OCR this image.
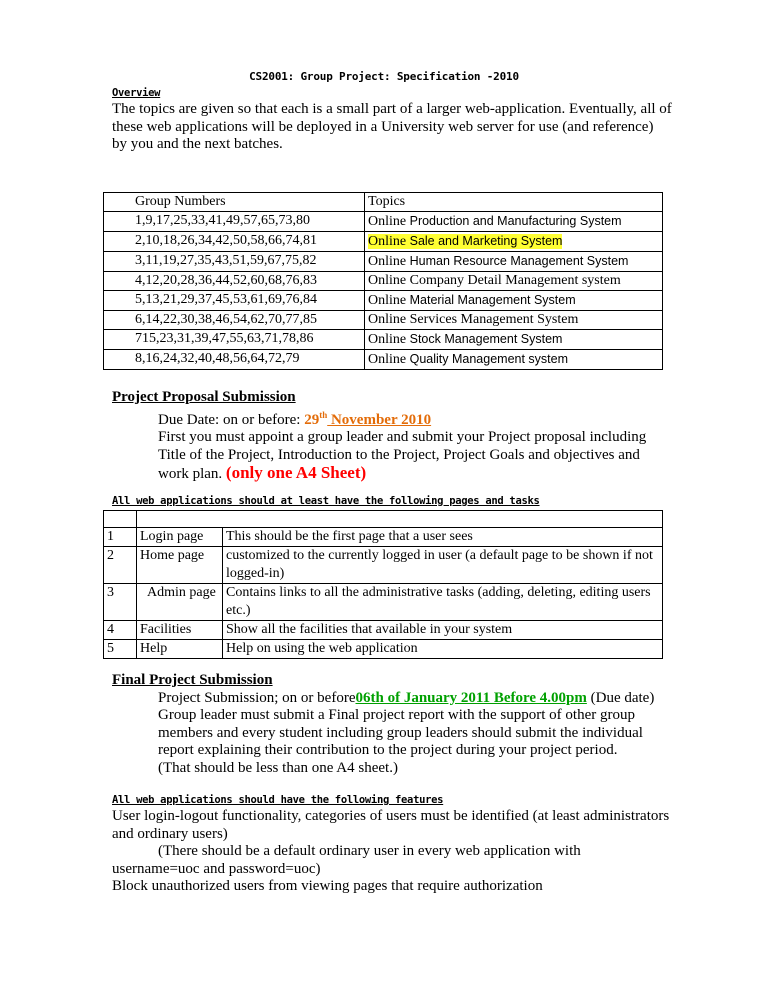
CS2001: Group Project: Specification -2010
Overview
The topics are given so that each is a small part of a larger web-application. Eventually, all of these web applications will be deployed in a University web server for use (and reference) by you and the next batches.
Group Numbers	Topics
1,9,17,25,33,41,49,57,65,73,80	Online Production and Manufacturing System
2,10,18,26,34,42,50,58,66,74,81	Online Sale and Marketing System
3,11,19,27,35,43,51,59,67,75,82	Online Human Resource Management System
4,12,20,28,36,44,52,60,68,76,83	Online Company Detail Management system
5,13,21,29,37,45,53,61,69,76,84	Online Material Management System
6,14,22,30,38,46,54,62,70,77,85	Online Services Management System
715,23,31,39,47,55,63,71,78,86	Online Stock Management System
8,16,24,32,40,48,56,64,72,79	Online Quality Management system
Project Proposal Submission
Due Date: on or before: 29th November 2010
First you must appoint a group leader and submit your Project proposal including Title of the Project, Introduction to the Project, Project Goals and objectives and work plan. (only one A4 Sheet)
All web applications should at least have the following pages and tasks

1	Login page	This should be the first page that a user sees
2	Home page	customized to the currently logged in user (a default page to be shown if not logged-in)
3	Admin page	Contains links to all the administrative tasks (adding, deleting, editing users etc.)
4	Facilities	Show all the facilities that available in your system
5	Help	Help on using the web application
Final Project Submission
Project Submission; on or before06th of January 2011 Before 4.00pm (Due date)
Group leader must submit a Final project report with the support of other group members and every student including group leaders should submit the individual report explaining their contribution to the project during your project period.
(That should be less than one A4 sheet.)
All web applications should have the following features
User login-logout functionality, categories of users must be identified (at least administrators and ordinary users)
(There should be a default ordinary user in every web application with
username=uoc and password=uoc)
Block unauthorized users from viewing pages that require authorization
